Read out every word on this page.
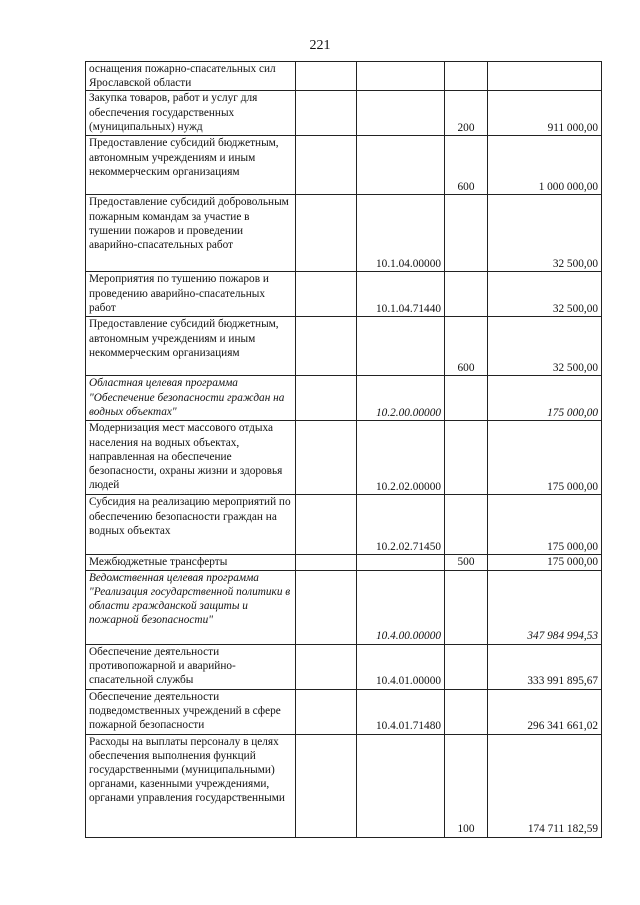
221
оснащения пожарно-спасательных сил Ярославской области				
Закупка товаров, работ и услуг для обеспечения государственных (муниципальных) нужд			200	911 000,00
Предоставление субсидий бюджетным, автономным учреждениям и иным некоммерческим организациям			600	1 000 000,00
Предоставление субсидий добровольным пожарным командам за участие в тушении пожаров и проведении аварийно-спасательных работ		10.1.04.00000		32 500,00
Мероприятия по тушению пожаров и проведению аварийно-спасательных работ		10.1.04.71440		32 500,00
Предоставление субсидий бюджетным, автономным учреждениям и иным некоммерческим организациям			600	32 500,00
Областная целевая программа "Обеспечение безопасности граждан на водных объектах"		10.2.00.00000		175 000,00
Модернизация мест массового отдыха населения на водных объектах, направленная на обеспечение безопасности, охраны жизни и здоровья людей		10.2.02.00000		175 000,00
Субсидия на реализацию мероприятий по обеспечению безопасности граждан на водных объектах		10.2.02.71450		175 000,00
Межбюджетные трансферты			500	175 000,00
Ведомственная целевая программа "Реализация государственной политики в области гражданской защиты и пожарной безопасности"		10.4.00.00000		347 984 994,53
Обеспечение деятельности противопожарной и аварийно-спасательной службы		10.4.01.00000		333 991 895,67
Обеспечение деятельности подведомственных учреждений в сфере пожарной безопасности		10.4.01.71480		296 341 661,02
Расходы на выплаты персоналу в целях обеспечения выполнения функций государственными (муниципальными) органами, казенными учреждениями, органами управления государственными			100	174 711 182,59
